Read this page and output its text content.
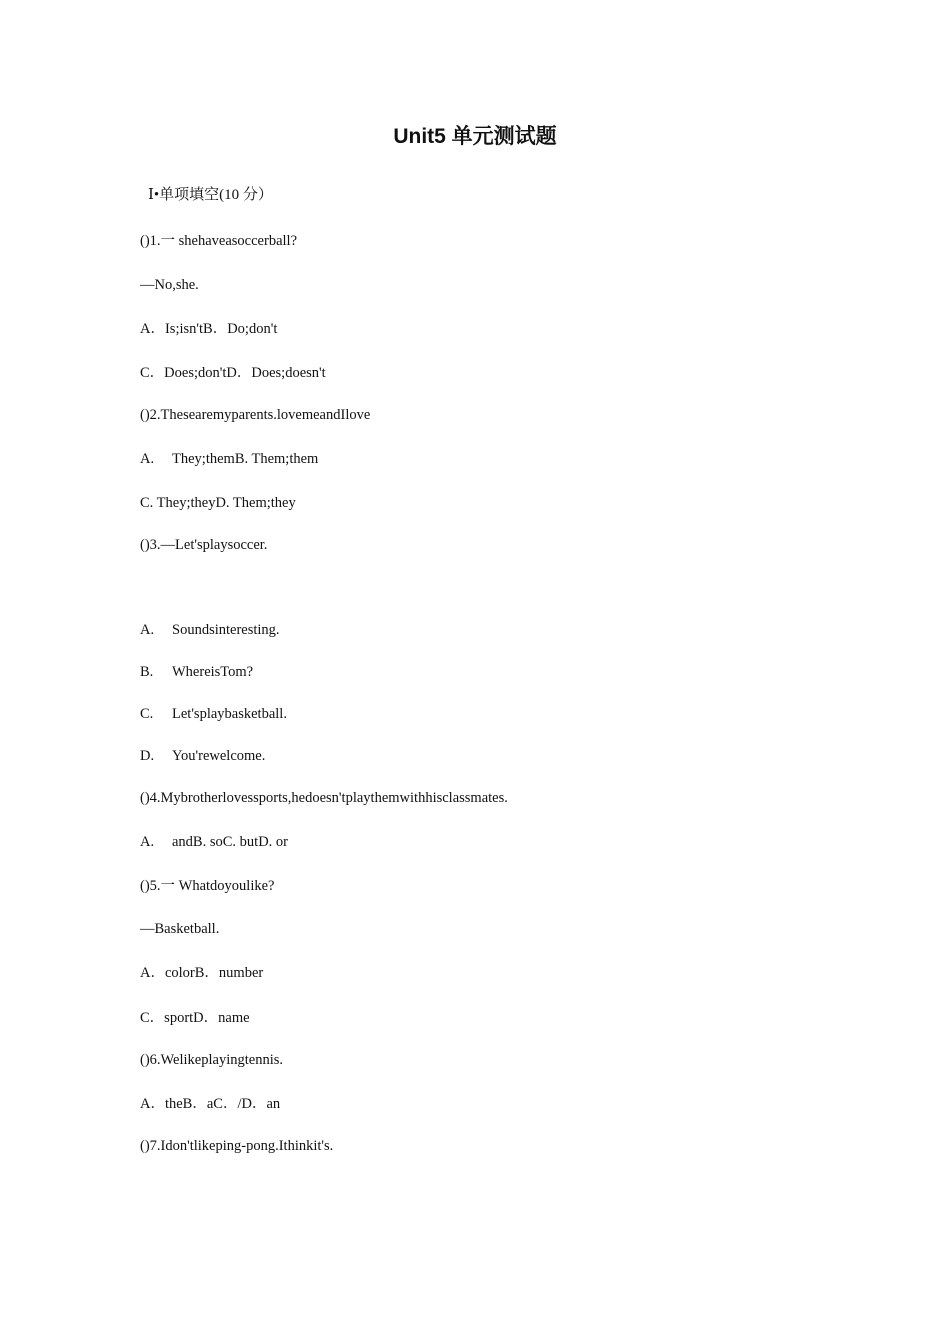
Unit5 单元测试题
Ⅰ•单项填空(10 分）
()1.一 shehaveasoccerball?
—No,she.
A．Is;isn'tB．Do;don't
C．Does;don'tD．Does;doesn't
()2.Thesearemyparents.lovemeandIlove
A. They;themB. Them;them
C. They;theyD. Them;they
()3.—Let'splaysoccer.
A. Soundsinteresting.
B. WhereisTom?
C. Let'splaybasketball.
D. You'rewelcome.
()4.Mybrotherlovessports,hedoesn'tplaythemwithhisclassmates.
A. andB. soC. butD. or
()5.一 Whatdoyoulike?
—Basketball.
A．colorB．number
C．sportD．name
()6.Welikeplayingtennis.
A．theB．aC．/D．an
()7.Idon'tlikeping-pong.Ithinkit's.
